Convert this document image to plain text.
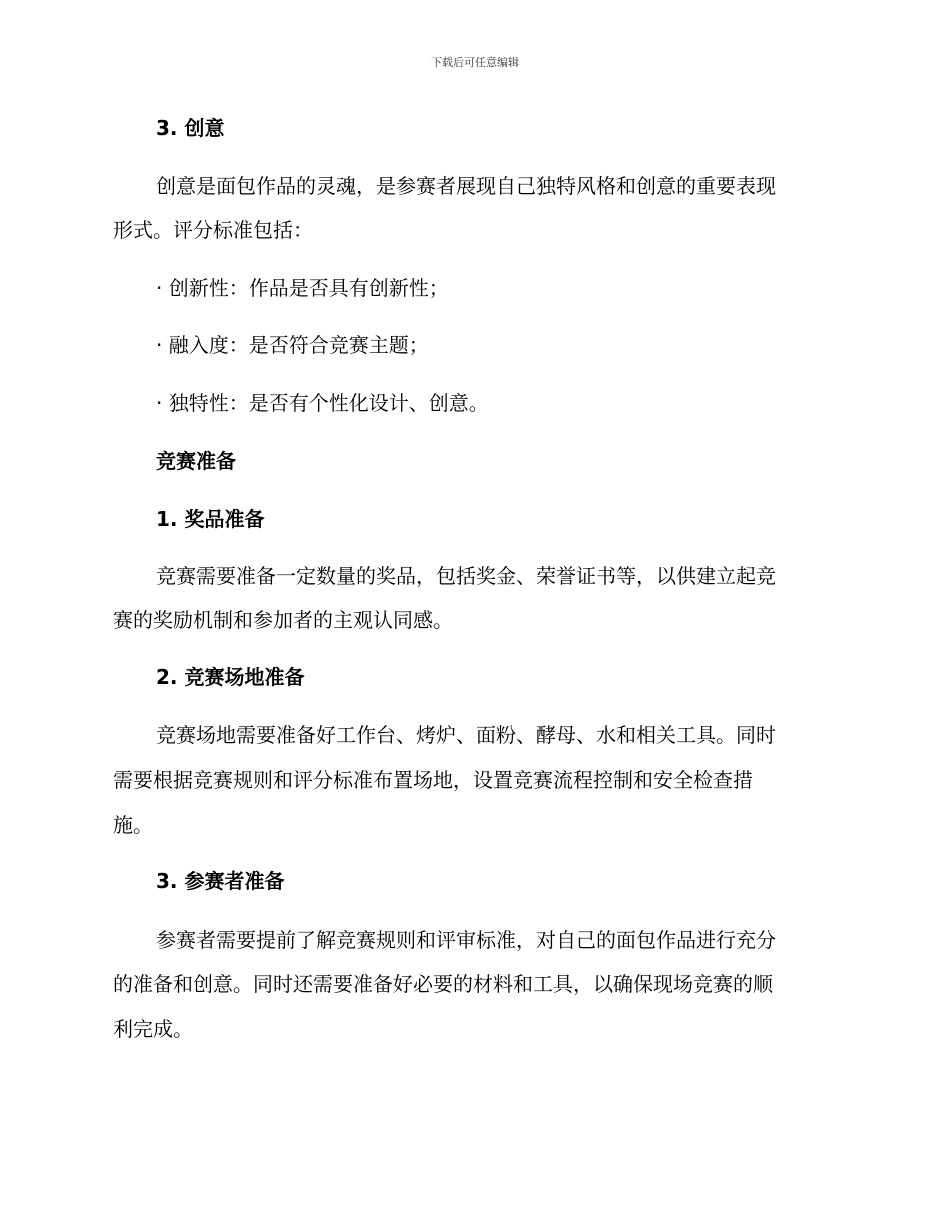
下载后可任意编辑
3. 创意
创意是面包作品的灵魂，是参赛者展现自己独特风格和创意的重要表现
形式。评分标准包括：
· 创新性：作品是否具有创新性；
· 融入度：是否符合竞赛主题；
· 独特性：是否有个性化设计、创意。
竞赛准备
1. 奖品准备
竞赛需要准备一定数量的奖品，包括奖金、荣誉证书等，以供建立起竞
赛的奖励机制和参加者的主观认同感。
2. 竞赛场地准备
竞赛场地需要准备好工作台、烤炉、面粉、酵母、水和相关工具。同时
需要根据竞赛规则和评分标准布置场地，设置竞赛流程控制和安全检查措
施。
3. 参赛者准备
参赛者需要提前了解竞赛规则和评审标准，对自己的面包作品进行充分
的准备和创意。同时还需要准备好必要的材料和工具，以确保现场竞赛的顺
利完成。
